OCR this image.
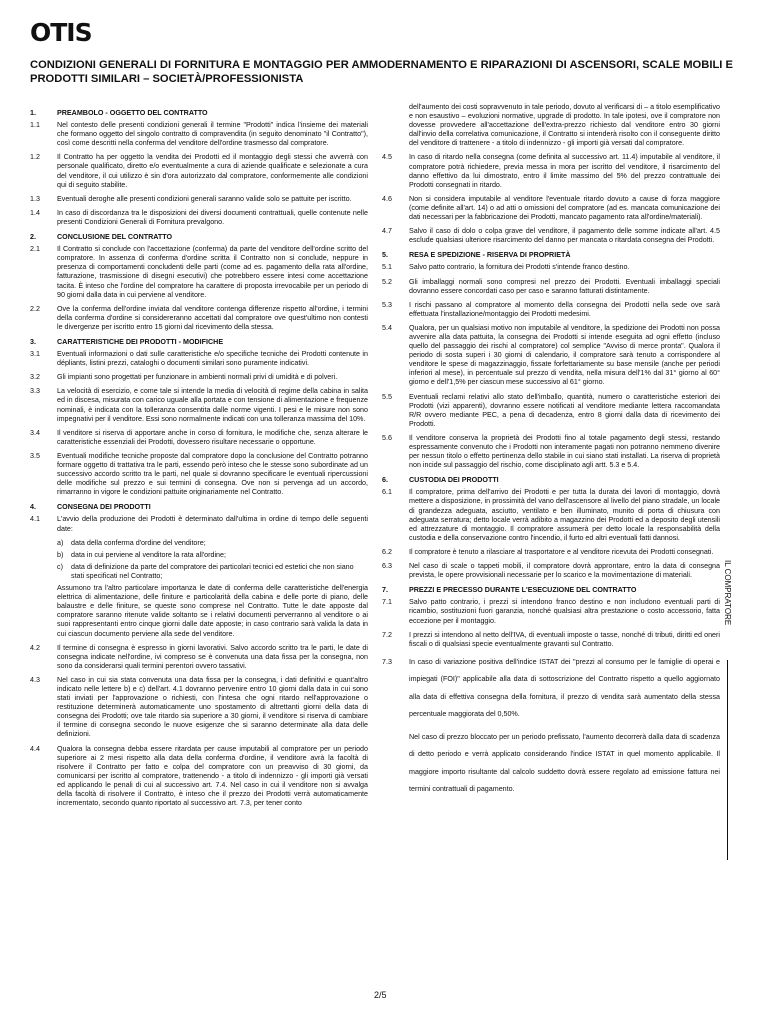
OTIS
CONDIZIONI GENERALI DI FORNITURA E MONTAGGIO PER AMMODERNAMENTO E RIPARAZIONI DI ASCENSORI, SCALE MOBILI E PRODOTTI SIMILARI – SOCIETÀ/PROFESSIONISTA
1.	PREAMBOLO - OGGETTO DEL CONTRATTO
1.1	Nel contesto delle presenti condizioni generali il termine "Prodotti" indica l'insieme dei materiali che formano oggetto del singolo contratto di compravendita (in seguito denominato "il Contratto"), così come descritti nella conferma del venditore dell'ordine trasmesso dal compratore.
1.2	Il Contratto ha per oggetto la vendita dei Prodotti ed il montaggio degli stessi che avverrà con personale qualificato, diretto e/o eventualmente a cura di aziende qualificate e selezionate a cura del venditore, il cui utilizzo è sin d'ora autorizzato dal compratore, conformemente alle condizioni qui di seguito stabilite.
1.3	Eventuali deroghe alle presenti condizioni generali saranno valide solo se pattuite per iscritto.
1.4	In caso di discordanza tra le disposizioni dei diversi documenti contrattuali, quelle contenute nelle presenti Condizioni Generali di Fornitura prevalgono.
2.	CONCLUSIONE DEL CONTRATTO
2.1	Il Contratto si conclude con l'accettazione (conferma) da parte del venditore dell'ordine scritto del compratore. In assenza di conferma d'ordine scritta il Contratto non si conclude, neppure in presenza di comportamenti concludenti delle parti (come ad es. pagamento della rata all'ordine, fatturazione, trasmissione di disegni esecutivi) che potrebbero essere intesi come accettazione tacita. È inteso che l'ordine del compratore ha carattere di proposta irrevocabile per un periodo di 90 giorni dalla data in cui perviene al venditore.
2.2	Ove la conferma dell'ordine inviata dal venditore contenga differenze rispetto all'ordine, i termini della conferma d'ordine si considereranno accettati dal compratore ove quest'ultimo non contesti le divergenze per iscritto entro 15 giorni dal ricevimento della stessa.
3.	CARATTERISTICHE DEI PRODOTTI - MODIFICHE
3.1	Eventuali informazioni o dati sulle caratteristiche e/o specifiche tecniche dei Prodotti contenute in dépliants, listini prezzi, cataloghi o documenti similari sono puramente indicativi.
3.2	Gli impianti sono progettati per funzionare in ambienti normali privi di umidità e di polveri.
3.3	La velocità di esercizio, e come tale si intende la media di velocità di regime della cabina in salita ed in discesa, misurata con carico uguale alla portata e con tensione di alimentazione e frequenze nominali, è indicata con la tolleranza consentita dalle norme vigenti. I pesi e le misure non sono impegnativi per il venditore. Essi sono normalmente indicati con una tolleranza massima del 10%.
3.4	Il venditore si riserva di apportare anche in corso di fornitura, le modifiche che, senza alterare le caratteristiche essenziali dei Prodotti, dovessero risultare necessarie o opportune.
3.5	Eventuali modifiche tecniche proposte dal compratore dopo la conclusione del Contratto potranno formare oggetto di trattativa tra le parti, essendo però inteso che le stesse sono subordinate ad un successivo accordo scritto tra le parti, nel quale si dovranno specificare le eventuali ripercussioni delle modifiche sul prezzo e sui termini di consegna. Ove non si pervenga ad un accordo, rimarranno in vigore le condizioni pattuite originariamente nel Contratto.
4.	CONSEGNA DEI PRODOTTI
4.1	L'avvio della produzione dei Prodotti è determinato dall'ultima in ordine di tempo delle seguenti date:
a)	data della conferma d'ordine del venditore;
b)	data in cui perviene al venditore la rata all'ordine;
c)	data di definizione da parte del compratore dei particolari tecnici ed estetici che non siano stati specificati nel Contratto;
Assumono tra l'altro particolare importanza le date di conferma delle caratteristiche dell'energia elettrica di alimentazione, delle finiture e particolarità della cabina e delle porte di piano, delle balaustre e delle finiture, se queste sono comprese nel Contratto. Tutte le date apposte dal compratore saranno ritenute valide soltanto se i relativi documenti perverranno al venditore o ai suoi rappresentanti entro cinque giorni dalle date apposte; in caso contrario sarà valida la data in cui ciascun documento perviene alla sede del venditore.
4.2	Il termine di consegna è espresso in giorni lavorativi. Salvo accordo scritto tra le parti, le date di consegna indicate nell'ordine, ivi compreso se è convenuta una data fissa per la consegna, non sono da considerarsi quali termini perentori ovvero tassativi.
4.3	Nel caso in cui sia stata convenuta una data fissa per la consegna, i dati definitivi e quant'altro indicato nelle lettere b) e c) dell'art. 4.1 dovranno pervenire entro 10 giorni dalla data in cui sono stati inviati per l'approvazione o richiesti, con l'intesa che ogni ritardo nell'approvazione o restituzione determinerà automaticamente uno spostamento di altrettanti giorni della data di consegna dei Prodotti; ove tale ritardo sia superiore a 30 giorni, il venditore si riserva di cambiare il termine di consegna secondo le nuove esigenze che si saranno determinate alla data delle definizioni.
4.4	Qualora la consegna debba essere ritardata per cause imputabili al compratore per un periodo superiore ai 2 mesi rispetto alla data della conferma d'ordine, il venditore avrà la facoltà di risolvere il Contratto per fatto e colpa del compratore con un preavviso di 30 giorni, da comunicarsi per iscritto al compratore, trattenendo - a titolo di indennizzo - gli importi già versati ed applicando le penali di cui al successivo art. 7.4. Nel caso in cui il venditore non si avvalga della facoltà di risolvere il Contratto, è inteso che il prezzo dei Prodotti verrà automaticamente incrementato, secondo quanto riportato al successivo art. 7.3, per tener conto
dell'aumento dei costi sopravvenuto in tale periodo, dovuto al verificarsi di – a titolo esemplificativo e non esaustivo – evoluzioni normative, upgrade di prodotto. In tale ipotesi, ove il compratore non dovesse provvedere all'accettazione dell'extra-prezzo richiesto dal venditore entro 30 giorni dall'invio della correlativa comunicazione, il Contratto si intenderà risolto con il conseguente diritto del venditore di trattenere - a titolo di indennizzo - gli importi già versati dal compratore.
4.5	In caso di ritardo nella consegna (come definita al successivo art. 11.4) imputabile al venditore, il compratore potrà richiedere, previa messa in mora per iscritto del venditore, il risarcimento del danno effettivo da lui dimostrato, entro il limite massimo del 5% del prezzo contrattuale dei Prodotti consegnati in ritardo.
4.6	Non si considera imputabile al venditore l'eventuale ritardo dovuto a cause di forza maggiore (come definite all'art. 14) o ad atti o omissioni del compratore (ad es. mancata comunicazione dei dati necessari per la fabbricazione dei Prodotti, mancato pagamento rata all'ordine/materiali).
4.7	Salvo il caso di dolo o colpa grave del venditore, il pagamento delle somme indicate all'art. 4.5 esclude qualsiasi ulteriore risarcimento del danno per mancata o ritardata consegna dei Prodotti.
5.	RESA E SPEDIZIONE - RISERVA DI PROPRIETÀ
5.1	Salvo patto contrario, la fornitura dei Prodotti s'intende franco destino.
5.2	Gli imballaggi normali sono compresi nel prezzo dei Prodotti. Eventuali imballaggi speciali dovranno essere concordati caso per caso e saranno fatturati distintamente.
5.3	I rischi passano al compratore al momento della consegna dei Prodotti nella sede ove sarà effettuata l'installazione/montaggio dei Prodotti medesimi.
5.4	Qualora, per un qualsiasi motivo non imputabile al venditore, la spedizione dei Prodotti non possa avvenire alla data pattuita, la consegna dei Prodotti si intende eseguita ad ogni effetto (incluso quello del passaggio dei rischi al compratore) col semplice "Avviso di merce pronta". Qualora il periodo di sosta superi i 30 giorni di calendario, il compratore sarà tenuto a corrispondere al venditore le spese di magazzinaggio, fissate forfettariamente su base mensile (anche per periodi inferiori al mese), in percentuale sul prezzo di vendita, nella misura dell'1% dal 31° giorno al 60° giorno e dell'1,5% per ciascun mese successivo al 61° giorno.
5.5	Eventuali reclami relativi allo stato dell'imballo, quantità, numero o caratteristiche esteriori dei Prodotti (vizi apparenti), dovranno essere notificati al venditore mediante lettera raccomandata R/R ovvero mediante PEC, a pena di decadenza, entro 8 giorni dalla data di ricevimento dei Prodotti.
5.6	Il venditore conserva la proprietà dei Prodotti fino al totale pagamento degli stessi, restando espressamente convenuto che i Prodotti non interamente pagati non potranno nemmeno divenire per nessun titolo o effetto pertinenza dello stabile in cui siano stati installati. La riserva di proprietà non incide sul passaggio del rischio, come disciplinato agli artt. 5.3 e 5.4.
6.	CUSTODIA DEI PRODOTTI
6.1	Il compratore, prima dell'arrivo dei Prodotti e per tutta la durata dei lavori di montaggio, dovrà mettere a disposizione, in prossimità del vano dell'ascensore al livello del piano stradale, un locale di grandezza adeguata, asciutto, ventilato e ben illuminato, munito di porta di chiusura con adeguata serratura; detto locale verrà adibito a magazzino dei Prodotti ed a deposito degli utensili ed attrezzature di montaggio. Il compratore assumerà per detto locale la responsabilità della custodia e della conservazione contro l'incendio, il furto ed altri eventuali fatti dannosi.
6.2	Il compratore è tenuto a rilasciare al trasportatore e al venditore ricevuta dei Prodotti consegnati.
6.3	Nel caso di scale o tappeti mobili, il compratore dovrà approntare, entro la data di consegna prevista, le opere provvisionali necessarie per lo scarico e la movimentazione di materiali.
7.	PREZZI E PRECESSO DURANTE L'ESECUZIONE DEL CONTRATTO
7.1	Salvo patto contrario, i prezzi si intendono franco destino e non includono eventuali parti di ricambio, sostituzioni fuori garanzia, nonché qualsiasi altra prestazione o costo accessorio, fatta eccezione per il montaggio.
7.2	I prezzi si intendono al netto dell'IVA, di eventuali imposte o tasse, nonché di tributi, diritti ed oneri fiscali o di qualsiasi specie eventualmente gravanti sul Contratto.
7.3	In caso di variazione positiva dell'indice ISTAT dei "prezzi al consumo per le famiglie di operai e impiegati (FOI)" applicabile alla data di sottoscrizione del Contratto rispetto a quello aggiornato alla data di effettiva consegna della fornitura, il prezzo di vendita sarà aumentato della stessa percentuale maggiorata del 0,50%.
Nel caso di prezzo bloccato per un periodo prefissato, l'aumento decorrerà dalla data di scadenza di detto periodo e verrà applicato considerando l'indice ISTAT in quel momento applicabile. Il maggiore importo risultante dal calcolo suddetto dovrà essere regolato ad emissione fattura nei termini contrattuali di pagamento.
IL COMPRATORE
2/5
